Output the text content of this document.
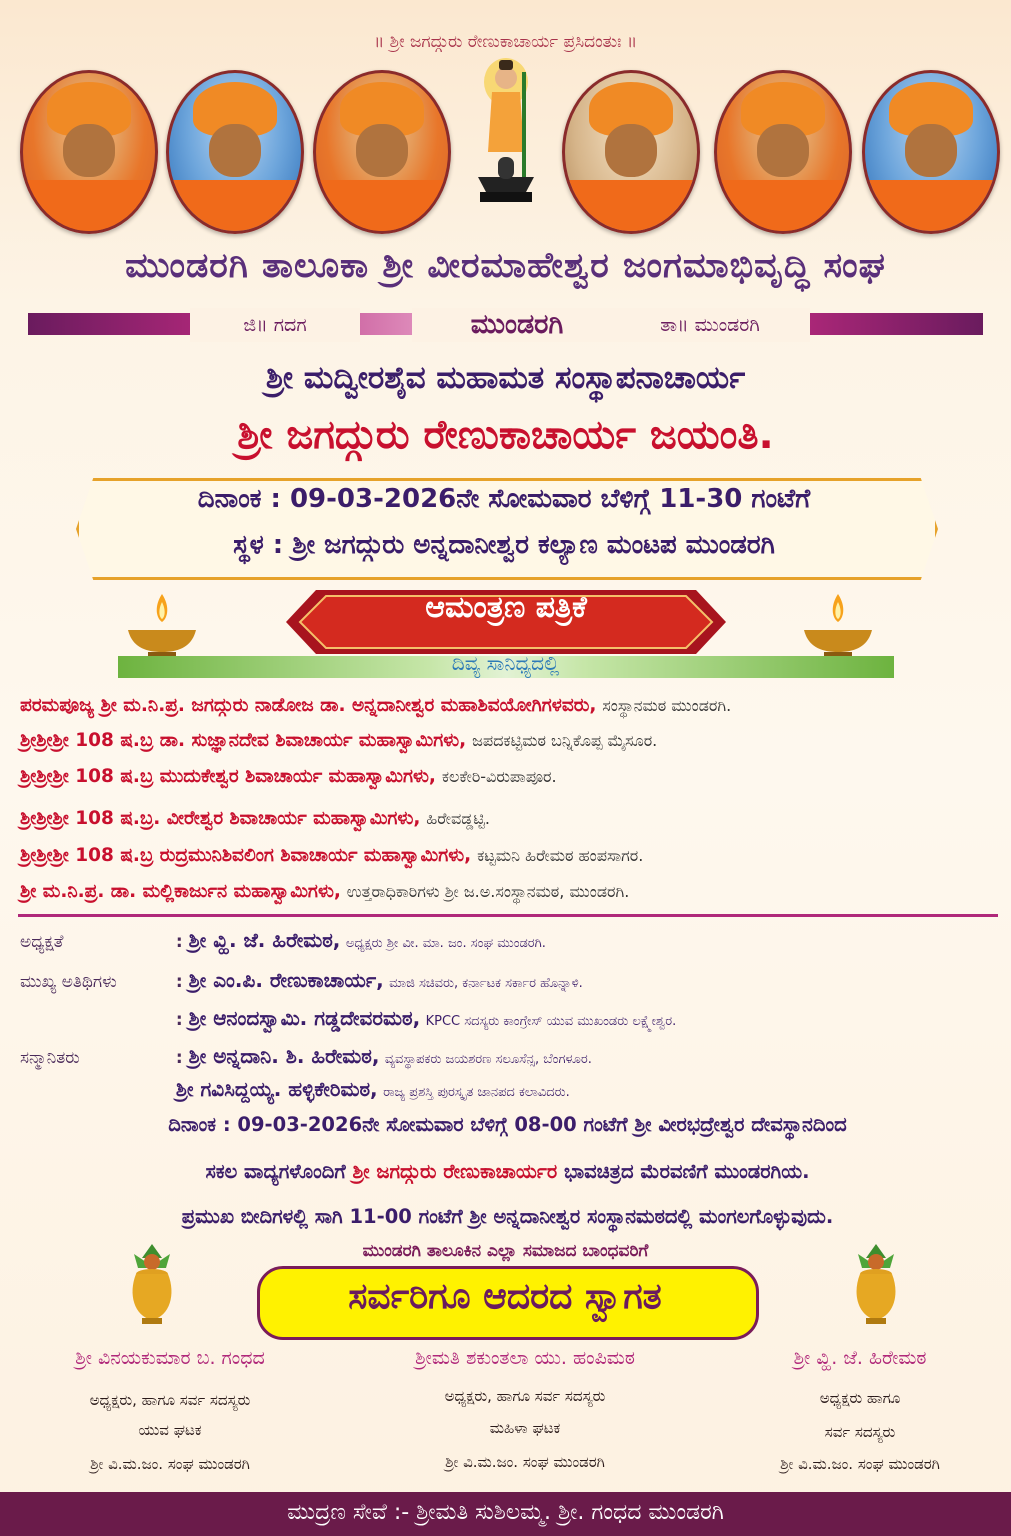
॥ ಶ್ರೀ ಜಗದ್ಗುರು ರೇಣುಕಾಚಾರ್ಯ ಪ್ರಸಿದಂತುಃ ॥
ಮುಂಡರಗಿ ತಾಲೂಕಾ ಶ್ರೀ ವೀರಮಾಹೇಶ್ವರ ಜಂಗಮಾಭಿವೃದ್ಧಿ ಸಂಘ
ಜಿ॥ ಗದಗ	ಮುಂಡರಗಿ	ತಾ॥ ಮುಂಡರಗಿ
ಶ್ರೀ ಮದ್ವೀರಶೈವ ಮಹಾಮತ ಸಂಸ್ಥಾಪನಾಚಾರ್ಯ
ಶ್ರೀ ಜಗದ್ಗುರು ರೇಣುಕಾಚಾರ್ಯ ಜಯಂತಿ.
ದಿನಾಂಕ : 09-03-2026ನೇ ಸೋಮವಾರ ಬೆಳಿಗ್ಗೆ 11-30 ಗಂಟೆಗೆ
ಸ್ಥಳ : ಶ್ರೀ ಜಗದ್ಗುರು ಅನ್ನದಾನೀಶ್ವರ ಕಲ್ಯಾಣ ಮಂಟಪ ಮುಂಡರಗಿ
ಆಮಂತ್ರಣ ಪತ್ರಿಕೆ
ದಿವ್ಯ ಸಾನಿಧ್ಯದಲ್ಲಿ
ಪರಮಪೂಜ್ಯ ಶ್ರೀ ಮ.ನಿ.ಪ್ರ. ಜಗದ್ಗುರು ನಾಡೋಜ ಡಾ. ಅನ್ನದಾನೀಶ್ವರ ಮಹಾಶಿವಯೋಗಿಗಳವರು, ಸಂಸ್ಥಾನಮಠ ಮುಂಡರಗಿ.
ಶ್ರೀಶ್ರೀಶ್ರೀ 108 ಷ.ಬ್ರ ಡಾ. ಸುಜ್ಞಾನದೇವ ಶಿವಾಚಾರ್ಯ ಮಹಾಸ್ವಾಮಿಗಳು, ಜಪದಕಟ್ಟಿಮಠ ಬನ್ನಿಕೊಪ್ಪ ಮೈಸೂರ.
ಶ್ರೀಶ್ರೀಶ್ರೀ 108 ಷ.ಬ್ರ ಮುದುಕೇಶ್ವರ ಶಿವಾಚಾರ್ಯ ಮಹಾಸ್ವಾಮಿಗಳು, ಕಲಕೇರಿ-ವಿರುಪಾಪೂರ.
ಶ್ರೀಶ್ರೀಶ್ರೀ 108 ಷ.ಬ್ರ. ವೀರೇಶ್ವರ ಶಿವಾಚಾರ್ಯ ಮಹಾಸ್ವಾಮಿಗಳು, ಹಿರೇವಡ್ಡಟ್ಟಿ.
ಶ್ರೀಶ್ರೀಶ್ರೀ 108 ಷ.ಬ್ರ ರುದ್ರಮುನಿಶಿವಲಿಂಗ ಶಿವಾಚಾರ್ಯ ಮಹಾಸ್ವಾಮಿಗಳು, ಕಟ್ಟಮನಿ ಹಿರೇಮಠ ಹಂಪಸಾಗರ.
ಶ್ರೀ ಮ.ನಿ.ಪ್ರ. ಡಾ. ಮಲ್ಲಿಕಾರ್ಜುನ ಮಹಾಸ್ವಾಮಿಗಳು, ಉತ್ತರಾಧಿಕಾರಿಗಳು ಶ್ರೀ ಜ.ಅ.ಸಂಸ್ಥಾನಮಠ, ಮುಂಡರಗಿ.
ಅಧ್ಯಕ್ಷತೆ	: ಶ್ರೀ ವ್ಹಿ. ಜೆ. ಹಿರೇಮಠ, ಅಧ್ಯಕ್ಷರು ಶ್ರೀ ವೀ. ಮಾ. ಜಂ. ಸಂಘ ಮುಂಡರಗಿ.
ಮುಖ್ಯ ಅತಿಥಿಗಳು	: ಶ್ರೀ ಎಂ.ಪಿ. ರೇಣುಕಾಚಾರ್ಯ, ಮಾಜಿ ಸಚಿವರು, ಕರ್ನಾಟಕ ಸರ್ಕಾರ ಹೊನ್ನಾಳಿ.
: ಶ್ರೀ ಆನಂದಸ್ವಾಮಿ. ಗಡ್ಡದೇವರಮಠ, KPCC ಸದಸ್ಯರು ಕಾಂಗ್ರೇಸ್ ಯುವ ಮುಖಂಡರು ಲಕ್ಷ್ಮೇಶ್ವರ.
ಸನ್ಮಾನಿತರು	: ಶ್ರೀ ಅನ್ನದಾನಿ. ಶಿ. ಹಿರೇಮಠ, ವ್ಯವಸ್ಥಾಪಕರು ಜಯಶರಣ ಸಲೂಸೆನ್ಸ, ಬೆಂಗಳೂರ.
ಶ್ರೀ ಗವಿಸಿದ್ದಯ್ಯ. ಹಳ್ಳಿಕೇರಿಮಠ, ರಾಜ್ಯ ಪ್ರಶಸ್ತಿ ಪುರಸ್ಕೃತ ಜಾನಪದ ಕಲಾವಿದರು.
ದಿನಾಂಕ : 09-03-2026ನೇ ಸೋಮವಾರ ಬೆಳಿಗ್ಗೆ 08-00 ಗಂಟೆಗೆ ಶ್ರೀ ವೀರಭದ್ರೇಶ್ವರ ದೇವಸ್ಥಾನದಿಂದ
ಸಕಲ ವಾದ್ಯಗಳೊಂದಿಗೆ ಶ್ರೀ ಜಗದ್ಗುರು ರೇಣುಕಾಚಾರ್ಯರ ಭಾವಚಿತ್ರದ ಮೆರವಣಿಗೆ ಮುಂಡರಗಿಯ.
ಪ್ರಮುಖ ಬೀದಿಗಳಲ್ಲಿ ಸಾಗಿ 11-00 ಗಂಟೆಗೆ ಶ್ರೀ ಅನ್ನದಾನೀಶ್ವರ ಸಂಸ್ಥಾನಮಠದಲ್ಲಿ ಮಂಗಲಗೊಳ್ಳುವುದು.
ಮುಂಡರಗಿ ತಾಲೂಕಿನ ಎಲ್ಲಾ ಸಮಾಜದ ಬಾಂಧವರಿಗೆ
ಸರ್ವರಿಗೂ ಆದರದ ಸ್ವಾಗತ
ಶ್ರೀ ವಿನಯಕುಮಾರ ಬ. ಗಂಧದ
ಅಧ್ಯಕ್ಷರು, ಹಾಗೂ ಸರ್ವ ಸದಸ್ಯರು
ಯುವ ಘಟಕ
ಶ್ರೀ ವಿ.ಮ.ಜಂ. ಸಂಘ ಮುಂಡರಗಿ
ಶ್ರೀಮತಿ ಶಕುಂತಲಾ ಯು. ಹಂಪಿಮಠ
ಅಧ್ಯಕ್ಷರು, ಹಾಗೂ ಸರ್ವ ಸದಸ್ಯರು
ಮಹಿಳಾ ಘಟಕ
ಶ್ರೀ ವಿ.ಮ.ಜಂ. ಸಂಘ ಮುಂಡರಗಿ
ಶ್ರೀ ವ್ಹಿ. ಜೆ. ಹಿರೇಮಠ
ಅಧ್ಯಕ್ಷರು ಹಾಗೂ
ಸರ್ವ ಸದಸ್ಯರು
ಶ್ರೀ ವಿ.ಮ.ಜಂ. ಸಂಘ ಮುಂಡರಗಿ
ಮುದ್ರಣ ಸೇವೆ :- ಶ್ರೀಮತಿ ಸುಶಿಲಮ್ಮ. ಶ್ರೀ. ಗಂಧದ ಮುಂಡರಗಿ
